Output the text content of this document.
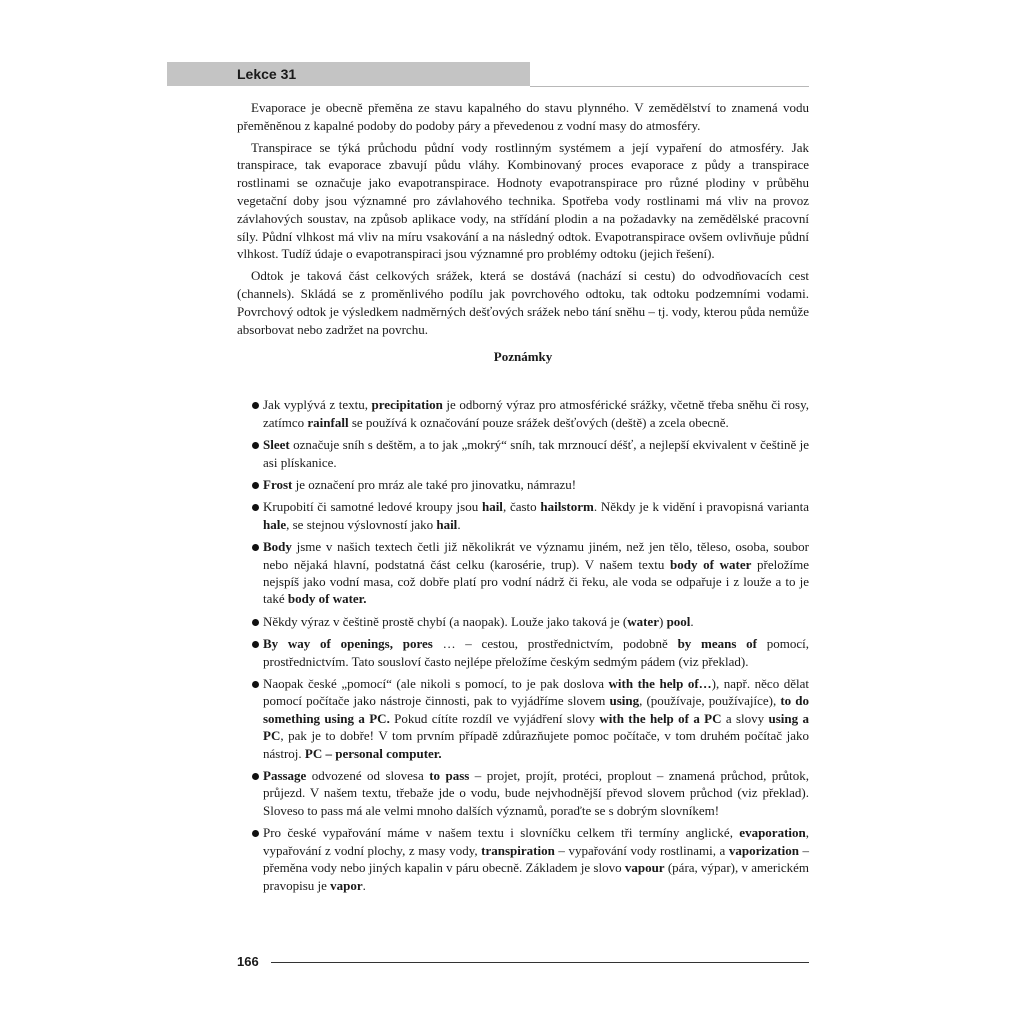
Lekce 31

Evaporace je obecně přeměna ze stavu kapalného do stavu plynného. V zemědělství to znamená vodu přeměněnou z kapalné podoby do podoby páry a převedenou z vodní masy do atmosféry.

Transpirace se týká průchodu půdní vody rostlinným systémem a její vypaření do atmosféry. Jak transpirace, tak evaporace zbavují půdu vláhy. Kombinovaný proces evaporace z půdy a transpirace rostlinami se označuje jako evapotranspirace. Hodnoty evapotranspirace pro různé plodiny v průběhu vegetační doby jsou významné pro závlahového technika. Spotřeba vody rostlinami má vliv na provoz závlahových soustav, na způsob aplikace vody, na střídání plodin a na požadavky na zemědělské pracovní síly. Půdní vlhkost má vliv na míru vsakování a na následný odtok. Evapotranspirace ovšem ovlivňuje půdní vlhkost. Tudíž údaje o evapotranspiraci jsou významné pro problémy odtoku (jejich řešení).

Odtok je taková část celkových srážek, která se dostává (nachází si cestu) do odvodňovacích cest (channels). Skládá se z proměnlivého podílu jak povrchového odtoku, tak odtoku podzemními vodami. Povrchový odtok je výsledkem nadměrných dešťových srážek nebo tání sněhu – tj. vody, kterou půda nemůže absorbovat nebo zadržet na povrchu.

Poznámky
Jak vyplývá z textu, precipitation je odborný výraz pro atmosférické srážky, včetně třeba sněhu či rosy, zatímco rainfall se používá k označování pouze srážek dešťových (deště) a zcela obecně.
Sleet označuje sníh s deštěm, a to jak „mokrý“ sníh, tak mrznoucí déšť, a nejlepší ekvivalent v češtině je asi plískanice.
Frost je označení pro mráz ale také pro jinovatku, námrazu!
Krupobití či samotné ledové kroupy jsou hail, často hailstorm. Někdy je k vidění i pravopisná varianta hale, se stejnou výslovností jako hail.
Body jsme v našich textech četli již několikrát ve významu jiném, než jen tělo, těleso, osoba, soubor nebo nějaká hlavní, podstatná část celku (karosérie, trup). V našem textu body of water přeložíme nejspíš jako vodní masa, což dobře platí pro vodní nádrž či řeku, ale voda se odpařuje i z louže a to je také body of water.
Někdy výraz v češtině prostě chybí (a naopak). Louže jako taková je (water) pool.
By way of openings, pores … – cestou, prostřednictvím, podobně by means of pomocí, prostřednictvím. Tato sousloví často nejlépe přeložíme českým sedmým pádem (viz překlad).
Naopak české „pomocí“ (ale nikoli s pomocí, to je pak doslova with the help of…), např. něco dělat pomocí počítače jako nástroje činnosti, pak to vyjádříme slovem using, (používaje, používajíce), to do something using a PC. Pokud cítíte rozdíl ve vyjádření slovy with the help of a PC a slovy using a PC, pak je to dobře! V tom prvním případě zdůrazňujete pomoc počítače, v tom druhém počítač jako nástroj. PC – personal computer.
Passage odvozené od slovesa to pass – projet, projít, protéci, proplout – znamená průchod, průtok, průjezd. V našem textu, třebaže jde o vodu, bude nejvhodnější převod slovem průchod (viz překlad). Sloveso to pass má ale velmi mnoho dalších významů, poraďte se s dobrým slovníkem!
Pro české vypařování máme v našem textu i slovníčku celkem tři termíny anglické, evaporation, vypařování z vodní plochy, z masy vody, transpiration – vypařování vody rostlinami, a vaporization – přeměna vody nebo jiných kapalin v páru obecně. Základem je slovo vapour (pára, výpar), v americkém pravopisu je vapor.
166
